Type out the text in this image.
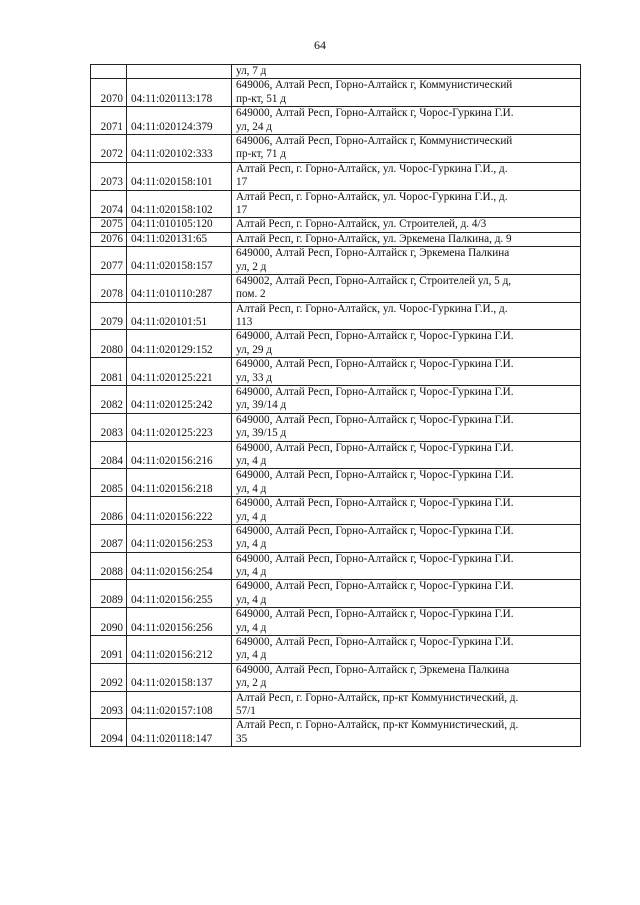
64

		ул, 7 д

2070	04:11:020113:178	649006, Алтай Респ, Горно-Алтайск г, Коммунистический
пр-кт, 51 д

2071	04:11:020124:379	649000, Алтай Респ, Горно-Алтайск г, Чорос-Гуркина Г.И.
ул, 24 д

2072	04:11:020102:333	649006, Алтай Респ, Горно-Алтайск г, Коммунистический
пр-кт, 71 д

2073	04:11:020158:101	Алтай Респ, г. Горно-Алтайск, ул. Чорос-Гуркина Г.И., д.
17

2074	04:11:020158:102	Алтай Респ, г. Горно-Алтайск, ул. Чорос-Гуркина Г.И., д.
17

2075	04:11:010105:120	Алтай Респ, г. Горно-Алтайск, ул. Строителей, д. 4/3

2076	04:11:020131:65	Алтай Респ, г. Горно-Алтайск, ул. Эркемена Палкина, д. 9

2077	04:11:020158:157	649000, Алтай Респ, Горно-Алтайск г, Эркемена Палкина
ул, 2 д

2078	04:11:010110:287	649002, Алтай Респ, Горно-Алтайск г, Строителей ул, 5 д,
пом. 2

2079	04:11:020101:51	Алтай Респ, г. Горно-Алтайск, ул. Чорос-Гуркина Г.И., д.
113

2080	04:11:020129:152	649000, Алтай Респ, Горно-Алтайск г, Чорос-Гуркина Г.И.
ул, 29 д

2081	04:11:020125:221	649000, Алтай Респ, Горно-Алтайск г, Чорос-Гуркина Г.И.
ул, 33 д

2082	04:11:020125:242	649000, Алтай Респ, Горно-Алтайск г, Чорос-Гуркина Г.И.
ул, 39/14 д

2083	04:11:020125:223	649000, Алтай Респ, Горно-Алтайск г, Чорос-Гуркина Г.И.
ул, 39/15 д

2084	04:11:020156:216	649000, Алтай Респ, Горно-Алтайск г, Чорос-Гуркина Г.И.
ул, 4 д

2085	04:11:020156:218	649000, Алтай Респ, Горно-Алтайск г, Чорос-Гуркина Г.И.
ул, 4 д

2086	04:11:020156:222	649000, Алтай Респ, Горно-Алтайск г, Чорос-Гуркина Г.И.
ул, 4 д

2087	04:11:020156:253	649000, Алтай Респ, Горно-Алтайск г, Чорос-Гуркина Г.И.
ул, 4 д

2088	04:11:020156:254	649000, Алтай Респ, Горно-Алтайск г, Чорос-Гуркина Г.И.
ул, 4 д

2089	04:11:020156:255	649000, Алтай Респ, Горно-Алтайск г, Чорос-Гуркина Г.И.
ул, 4 д

2090	04:11:020156:256	649000, Алтай Респ, Горно-Алтайск г, Чорос-Гуркина Г.И.
ул, 4 д

2091	04:11:020156:212	649000, Алтай Респ, Горно-Алтайск г, Чорос-Гуркина Г.И.
ул, 4 д

2092	04:11:020158:137	649000, Алтай Респ, Горно-Алтайск г, Эркемена Палкина
ул, 2 д

2093	04:11:020157:108	Алтай Респ, г. Горно-Алтайск, пр-кт Коммунистический, д.
57/1

2094	04:11:020118:147	Алтай Респ, г. Горно-Алтайск, пр-кт Коммунистический, д.
35
